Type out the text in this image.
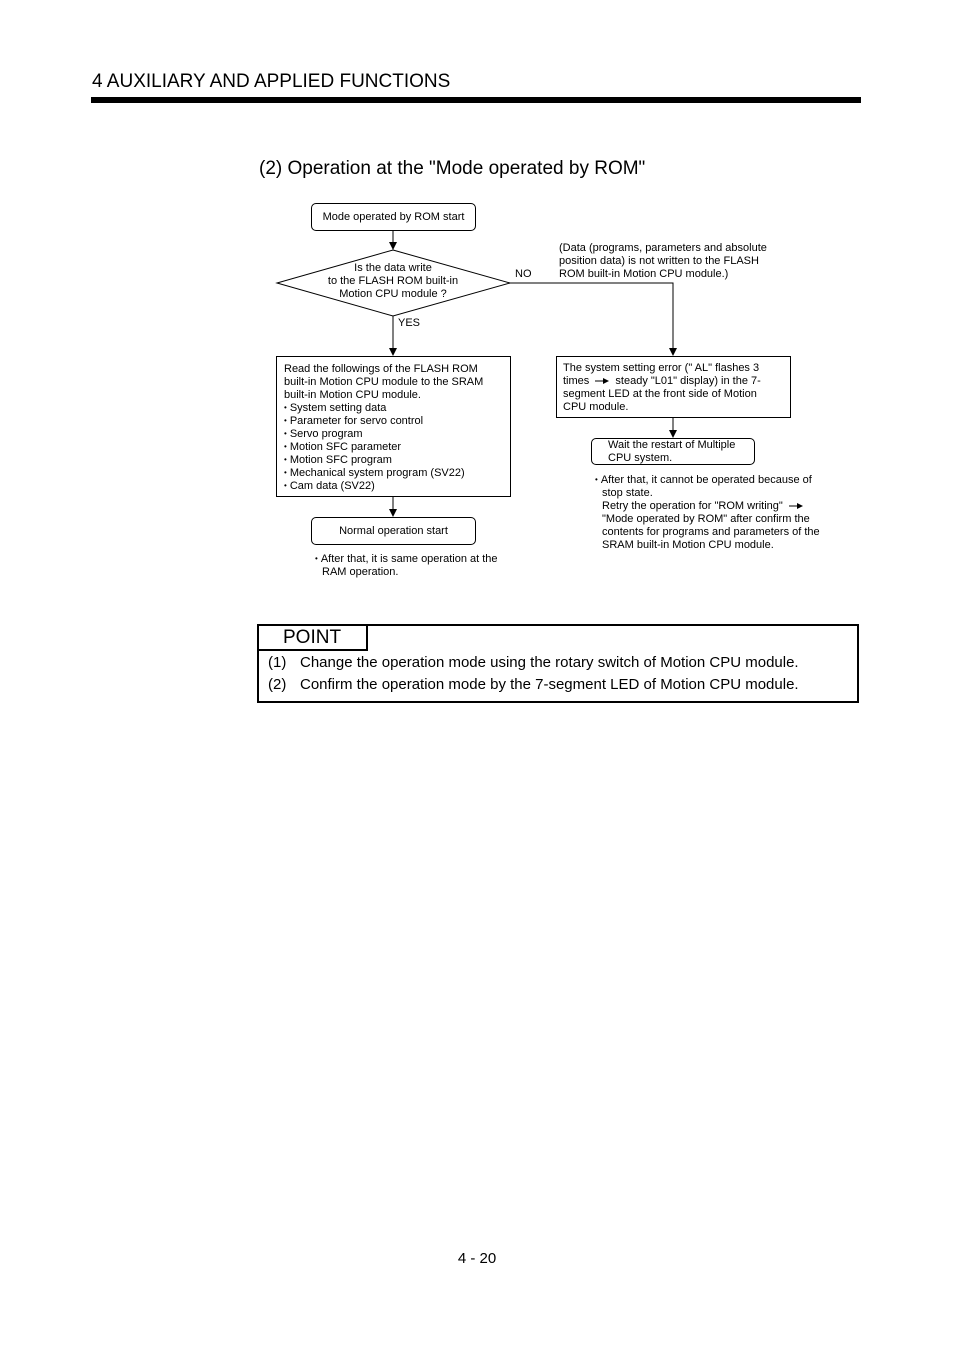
4 AUXILIARY AND APPLIED FUNCTIONS
(2) Operation at the "Mode operated by ROM"
Mode operated by ROM start
Is the data write
to the FLASH ROM built-in
Motion CPU module ?
NO
YES
(Data (programs, parameters and absolute
position data) is not written to the FLASH
ROM built-in Motion CPU module.)
Read the followings of the FLASH ROM
built-in Motion CPU module to the SRAM
built-in Motion CPU module.
• System setting data
• Parameter for servo control
• Servo program
• Motion SFC parameter
• Motion SFC program
• Mechanical system program (SV22)
• Cam data (SV22)
The system setting error (" AL" flashes 3
times steady "L01" display) in the 7-
segment LED at the front side of Motion
CPU module.
Wait the restart of Multiple
CPU system.
• After that, it cannot be operated because of
stop state.
Retry the operation for "ROM writing"
"Mode operated by ROM" after confirm the
contents for programs and parameters of the
SRAM built-in Motion CPU module.
Normal operation start
• After that, it is same operation at the
RAM operation.
POINT
(1) Change the operation mode using the rotary switch of Motion CPU module.
(2) Confirm the operation mode by the 7-segment LED of Motion CPU module.
4 - 20
